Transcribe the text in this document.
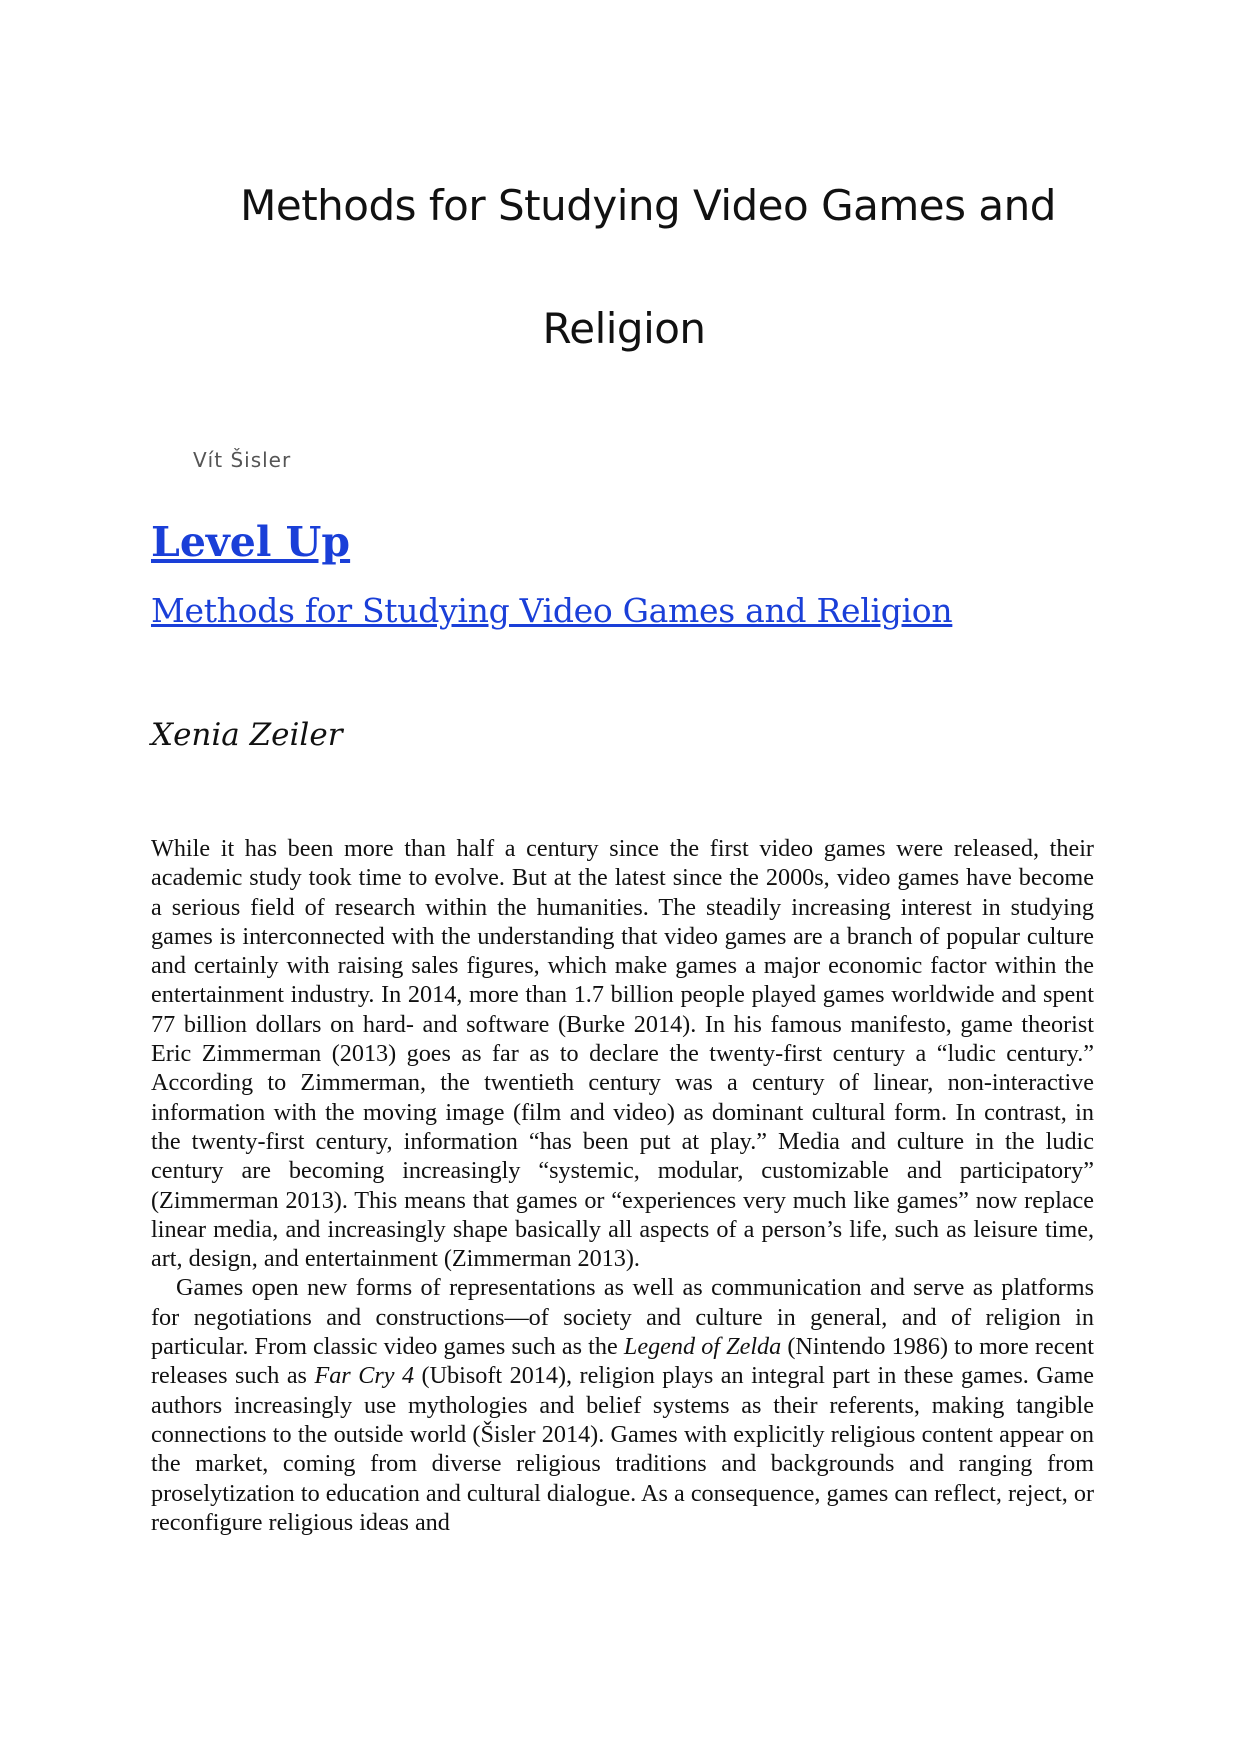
Methods for Studying Video Games and
Religion
Vít Šisler
Level Up
Methods for Studying Video Games and Religion
Xenia Zeiler

While it has been more than half a century since the first video games were released, their academic study took time to evolve. But at the latest since the 2000s, video games have become a serious field of research within the humanities. The steadily increasing interest in studying games is interconnected with the understanding that video games are a branch of popular culture and certainly with raising sales figures, which make games a major economic factor within the entertainment industry. In 2014, more than 1.7 billion people played games worldwide and spent 77 billion dollars on hard- and software (Burke 2014). In his famous manifesto, game theorist Eric Zimmerman (2013) goes as far as to declare the twenty-first century a “ludic century.” According to Zimmerman, the twentieth century was a century of linear, non-interactive information with the moving image (film and video) as dominant cultural form. In contrast, in the twenty-first century, information “has been put at play.” Media and culture in the ludic century are becoming increasingly “systemic, modular, customizable and participatory” (Zimmerman 2013). This means that games or “experiences very much like games” now replace linear media, and increasingly shape basically all aspects of a person’s life, such as leisure time, art, design, and entertainment (Zimmerman 2013).

Games open new forms of representations as well as communication and serve as platforms for negotiations and constructions—of society and culture in general, and of religion in particular. From classic video games such as the Legend of Zelda (Nintendo 1986) to more recent releases such as Far Cry 4 (Ubisoft 2014), religion plays an integral part in these games. Game authors increasingly use mythologies and belief systems as their referents, making tangible connections to the outside world (Šisler 2014). Games with explicitly religious content appear on the market, coming from diverse religious traditions and backgrounds and ranging from proselytization to education and cultural dialogue. As a consequence, games can reflect, reject, or reconfigure religious ideas and
